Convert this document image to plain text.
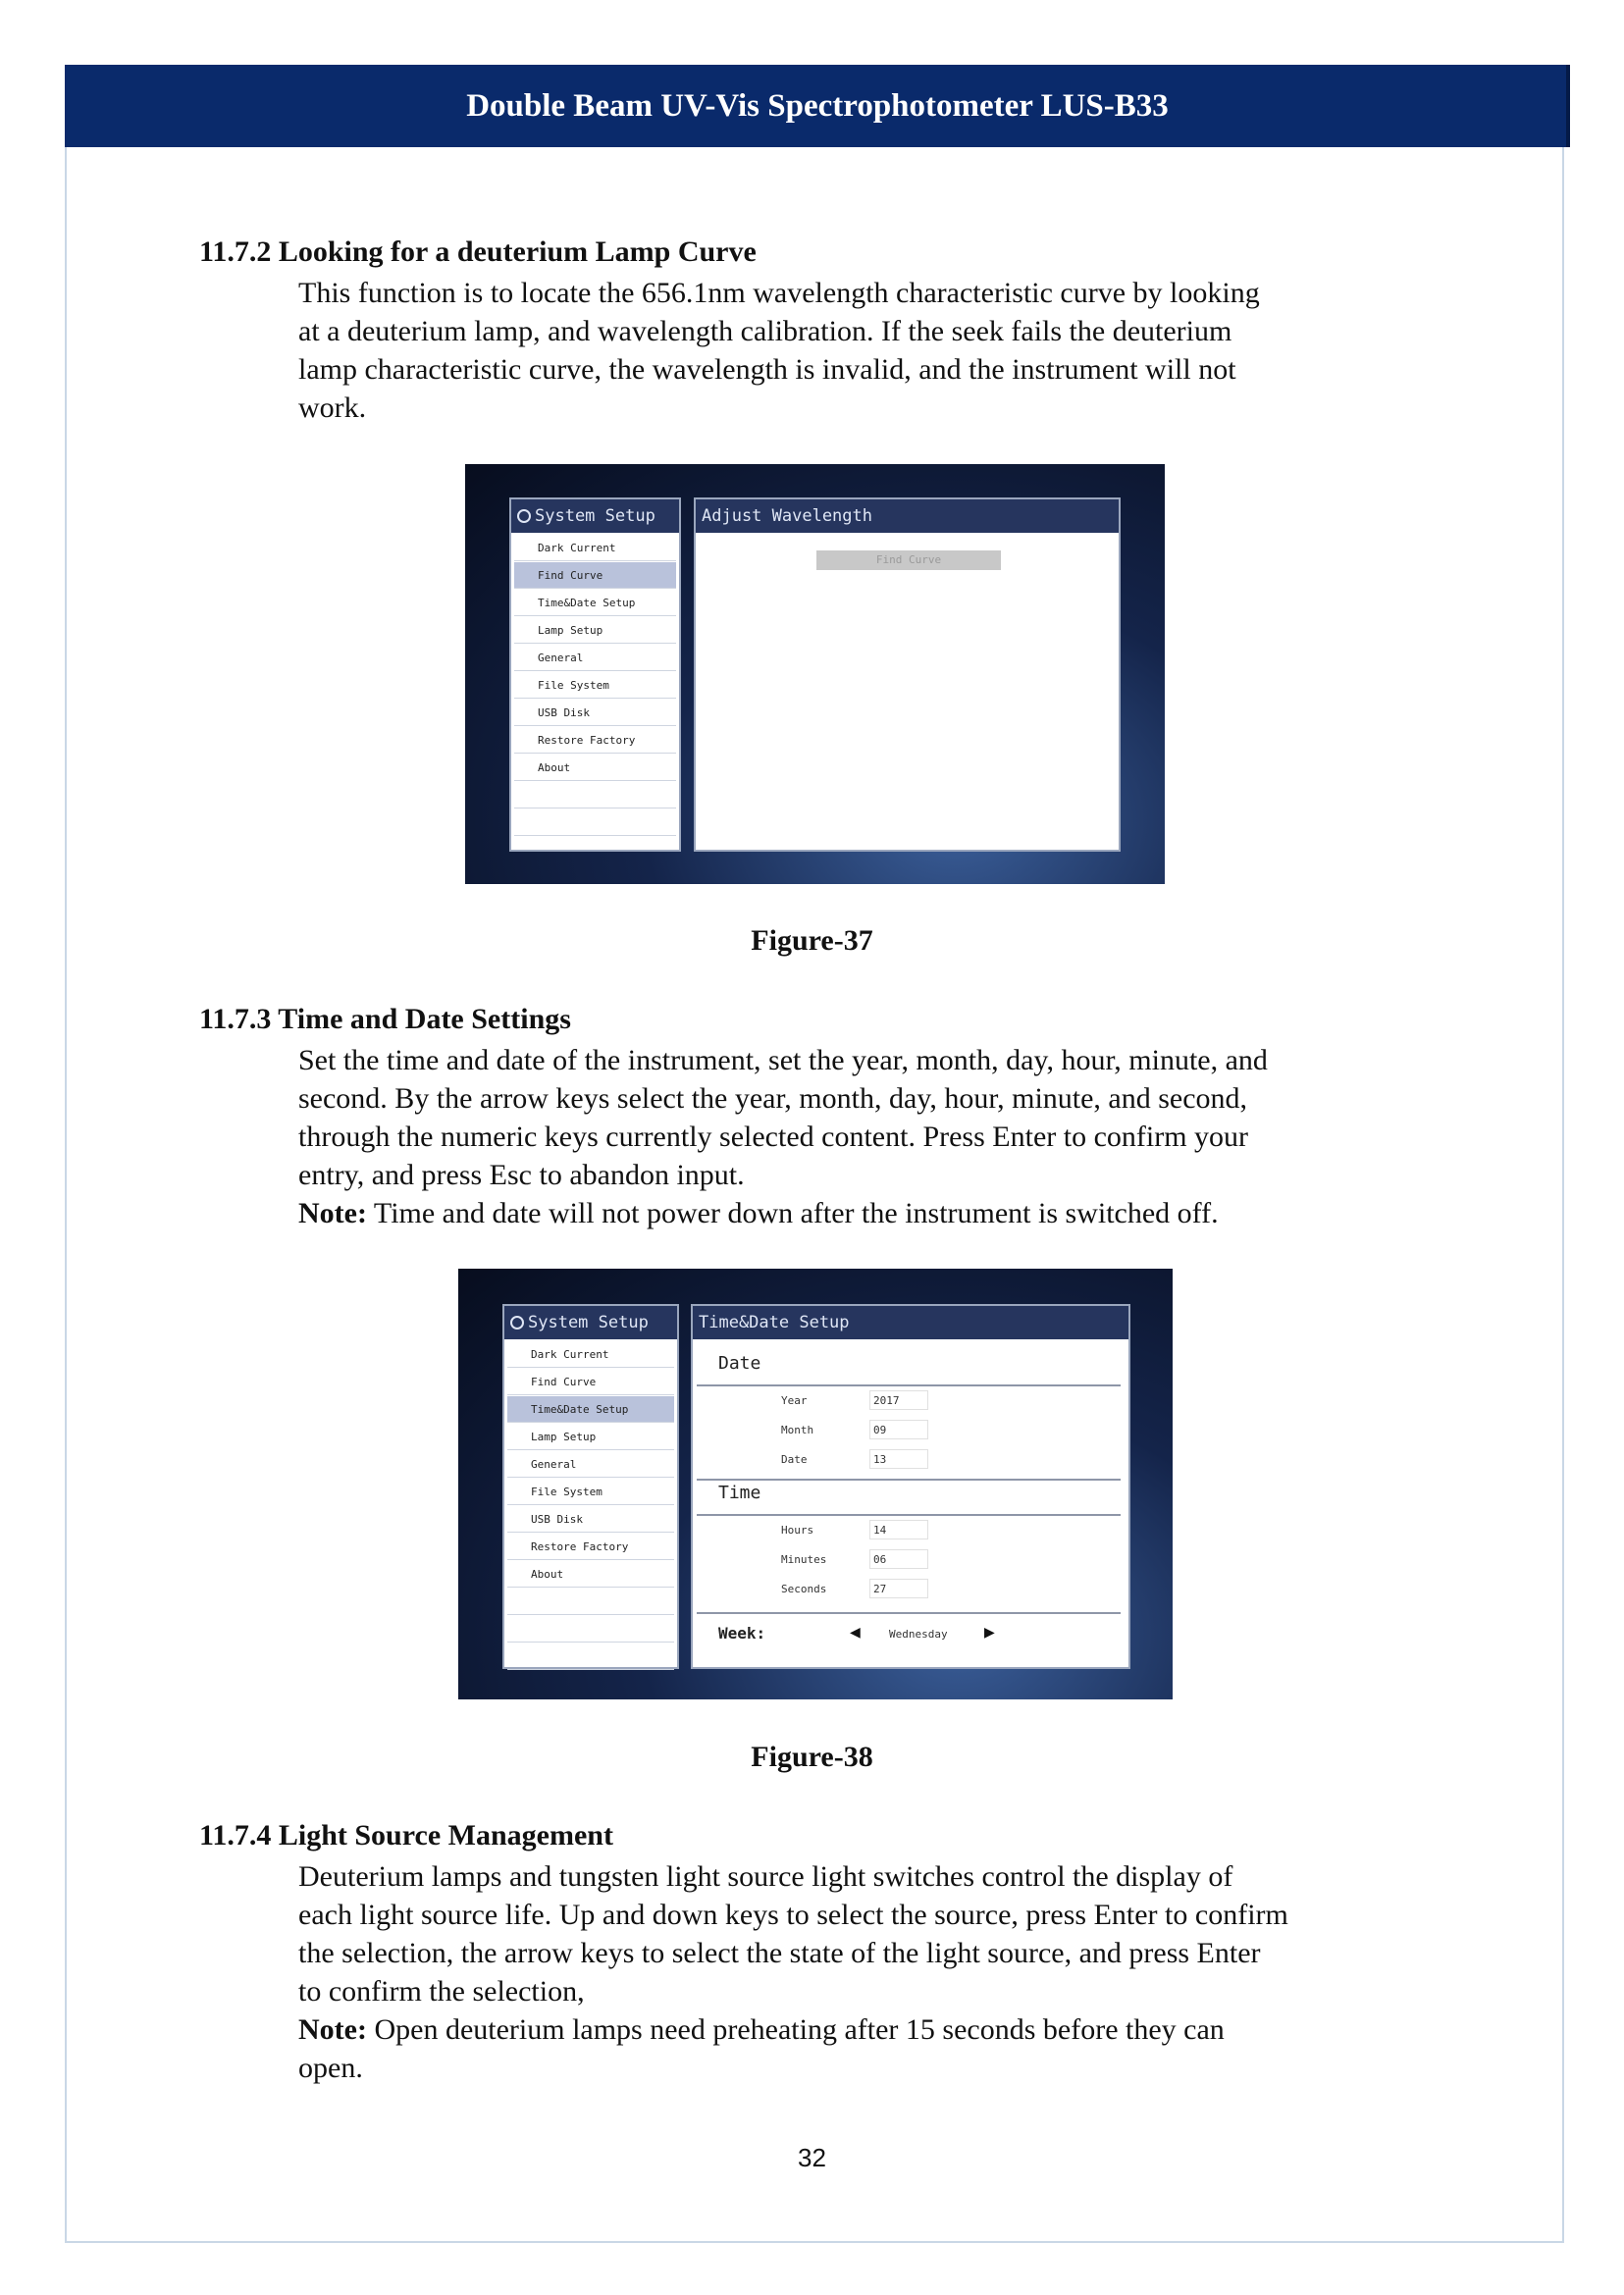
Double Beam UV-Vis Spectrophotometer LUS-B33
11.7.2 Looking for a deuterium Lamp Curve
This function is to locate the 656.1nm wavelength characteristic curve by looking
at a deuterium lamp, and wavelength calibration. If the seek fails the deuterium
lamp characteristic curve, the wavelength is invalid, and the instrument will not
work.
System Setup
Dark Current
Find Curve
Time&Date Setup
Lamp Setup
General
File System
USB Disk
Restore Factory
About
Adjust Wavelength
Find Curve
Figure-37
11.7.3 Time and Date Settings
Set the time and date of the instrument, set the year, month, day, hour, minute, and
second. By the arrow keys select the year, month, day, hour, minute, and second,
through the numeric keys currently selected content. Press Enter to confirm your
entry, and press Esc to abandon input.
Note: Time and date will not power down after the instrument is switched off.
System Setup
Dark Current
Find Curve
Time&Date Setup
Lamp Setup
General
File System
USB Disk
Restore Factory
About
Time&Date Setup
Date
Year	2017
Month	09
Date	13
Time
Hours	14
Minutes	06
Seconds	27
Week:	◀	Wednesday	▶
Figure-38
11.7.4 Light Source Management
Deuterium lamps and tungsten light source light switches control the display of
each light source life. Up and down keys to select the source, press Enter to confirm
the selection, the arrow keys to select the state of the light source, and press Enter
to confirm the selection,
Note: Open deuterium lamps need preheating after 15 seconds before they can
open.
32
